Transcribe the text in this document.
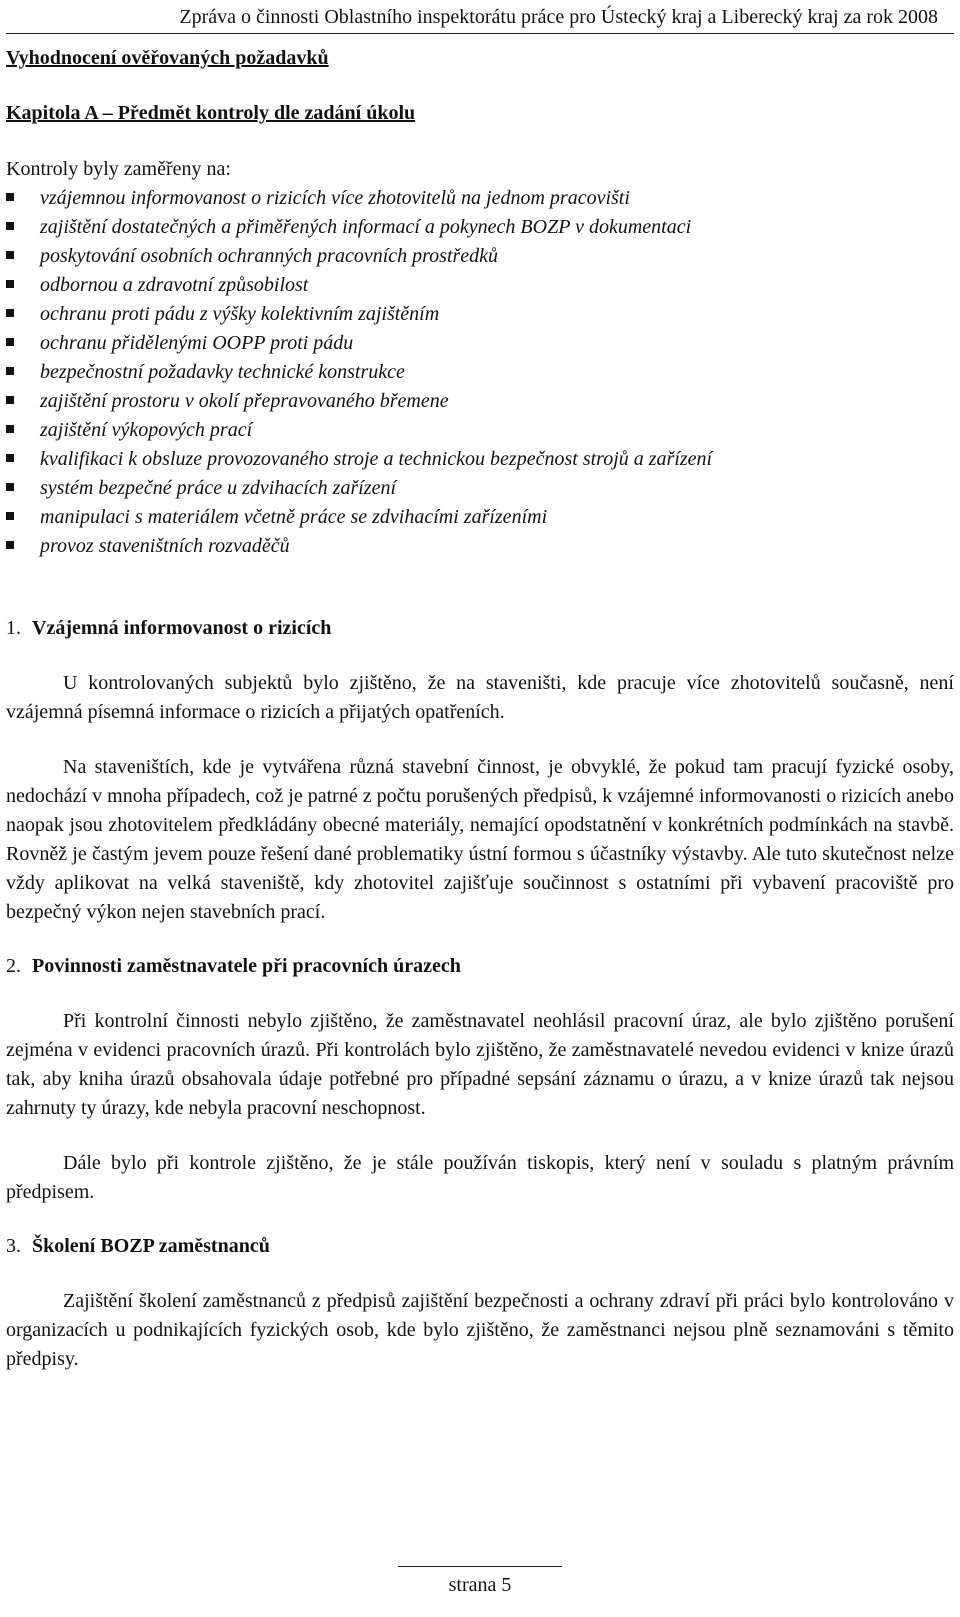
Zpráva o činnosti Oblastního inspektorátu práce pro Ústecký kraj a Liberecký kraj za rok 2008
Vyhodnocení ověřovaných požadavků
Kapitola A – Předmět kontroly dle zadání úkolu
Kontroly byly zaměřeny na:
vzájemnou informovanost o rizicích více zhotovitelů na jednom pracovišti
zajištění dostatečných a přiměřených informací a pokynech BOZP v dokumentaci
poskytování osobních ochranných pracovních prostředků
odbornou a zdravotní způsobilost
ochranu proti pádu z výšky kolektivním zajištěním
ochranu přidělenými OOPP proti pádu
bezpečnostní požadavky technické konstrukce
zajištění prostoru v okolí přepravovaného břemene
zajištění výkopových prací
kvalifikaci k obsluze provozovaného stroje a technickou bezpečnost strojů a zařízení
systém bezpečné práce u zdvihacích zařízení
manipulaci s materiálem včetně práce se zdvihacími zařízeními
provoz staveništních rozvaděčů
1. Vzájemná informovanost o rizicích

U kontrolovaných subjektů bylo zjištěno, že na staveništi, kde pracuje více zhotovitelů současně, není vzájemná písemná informace o rizicích a přijatých opatřeních.

Na staveništích, kde je vytvářena různá stavební činnost, je obvyklé, že pokud tam pracují fyzické osoby, nedochází v mnoha případech, což je patrné z počtu porušených předpisů, k vzájemné informovanosti o rizicích anebo naopak jsou zhotovitelem předkládány obecné materiály, nemající opodstatnění v konkrétních podmínkách na stavbě. Rovněž je častým jevem pouze řešení dané problematiky ústní formou s účastníky výstavby. Ale tuto skutečnost nelze vždy aplikovat na velká staveniště, kdy zhotovitel zajišťuje součinnost s ostatními při vybavení pracoviště pro bezpečný výkon nejen stavebních prací.

2. Povinnosti zaměstnavatele při pracovních úrazech

Při kontrolní činnosti nebylo zjištěno, že zaměstnavatel neohlásil pracovní úraz, ale bylo zjištěno porušení zejména v evidenci pracovních úrazů. Při kontrolách bylo zjištěno, že zaměstnavatelé nevedou evidenci v knize úrazů tak, aby kniha úrazů obsahovala údaje potřebné pro případné sepsání záznamu o úrazu, a v knize úrazů tak nejsou zahrnuty ty úrazy, kde nebyla pracovní neschopnost.

Dále bylo při kontrole zjištěno, že je stále používán tiskopis, který není v souladu s platným právním předpisem.

3. Školení BOZP zaměstnanců

Zajištění školení zaměstnanců z předpisů zajištění bezpečnosti a ochrany zdraví při práci bylo kontrolováno v organizacích u podnikajících fyzických osob, kde bylo zjištěno, že zaměstnanci nejsou plně seznamováni s těmito předpisy.

strana 5
